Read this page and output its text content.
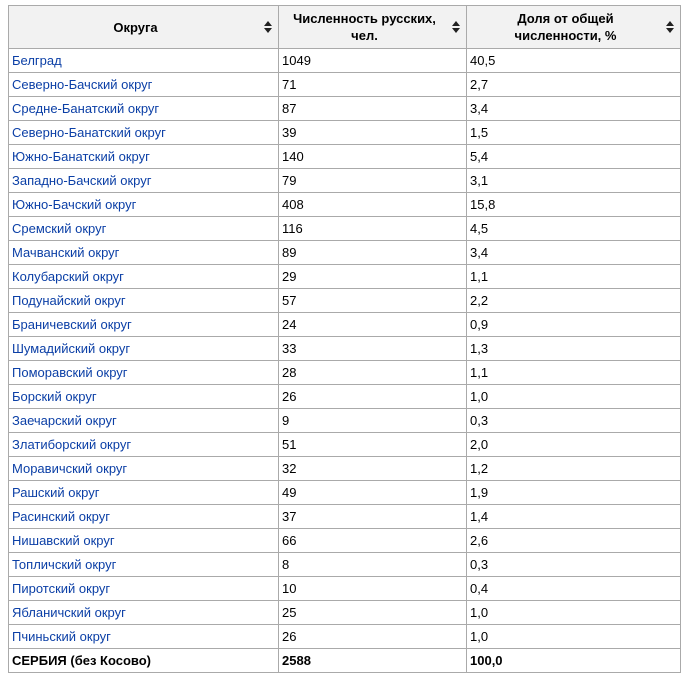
Округа	Численность русских, чел.	Доля от общей численности, %

Белград	1049	40,5
Северно-Бачский округ	71	2,7
Средне-Банатский округ	87	3,4
Северно-Банатский округ	39	1,5
Южно-Банатский округ	140	5,4
Западно-Бачский округ	79	3,1
Южно-Бачский округ	408	15,8
Сремский округ	116	4,5
Мачванский округ	89	3,4
Колубарский округ	29	1,1
Подунайский округ	57	2,2
Браничевский округ	24	0,9
Шумадийский округ	33	1,3
Поморавский округ	28	1,1
Борский округ	26	1,0
Заечарский округ	9	0,3
Златиборский округ	51	2,0
Моравичский округ	32	1,2
Рашский округ	49	1,9
Расинский округ	37	1,4
Нишавский округ	66	2,6
Топличский округ	8	0,3
Пиротский округ	10	0,4
Ябланичский округ	25	1,0
Пчиньский округ	26	1,0
СЕРБИЯ (без Косово)	2588	100,0
